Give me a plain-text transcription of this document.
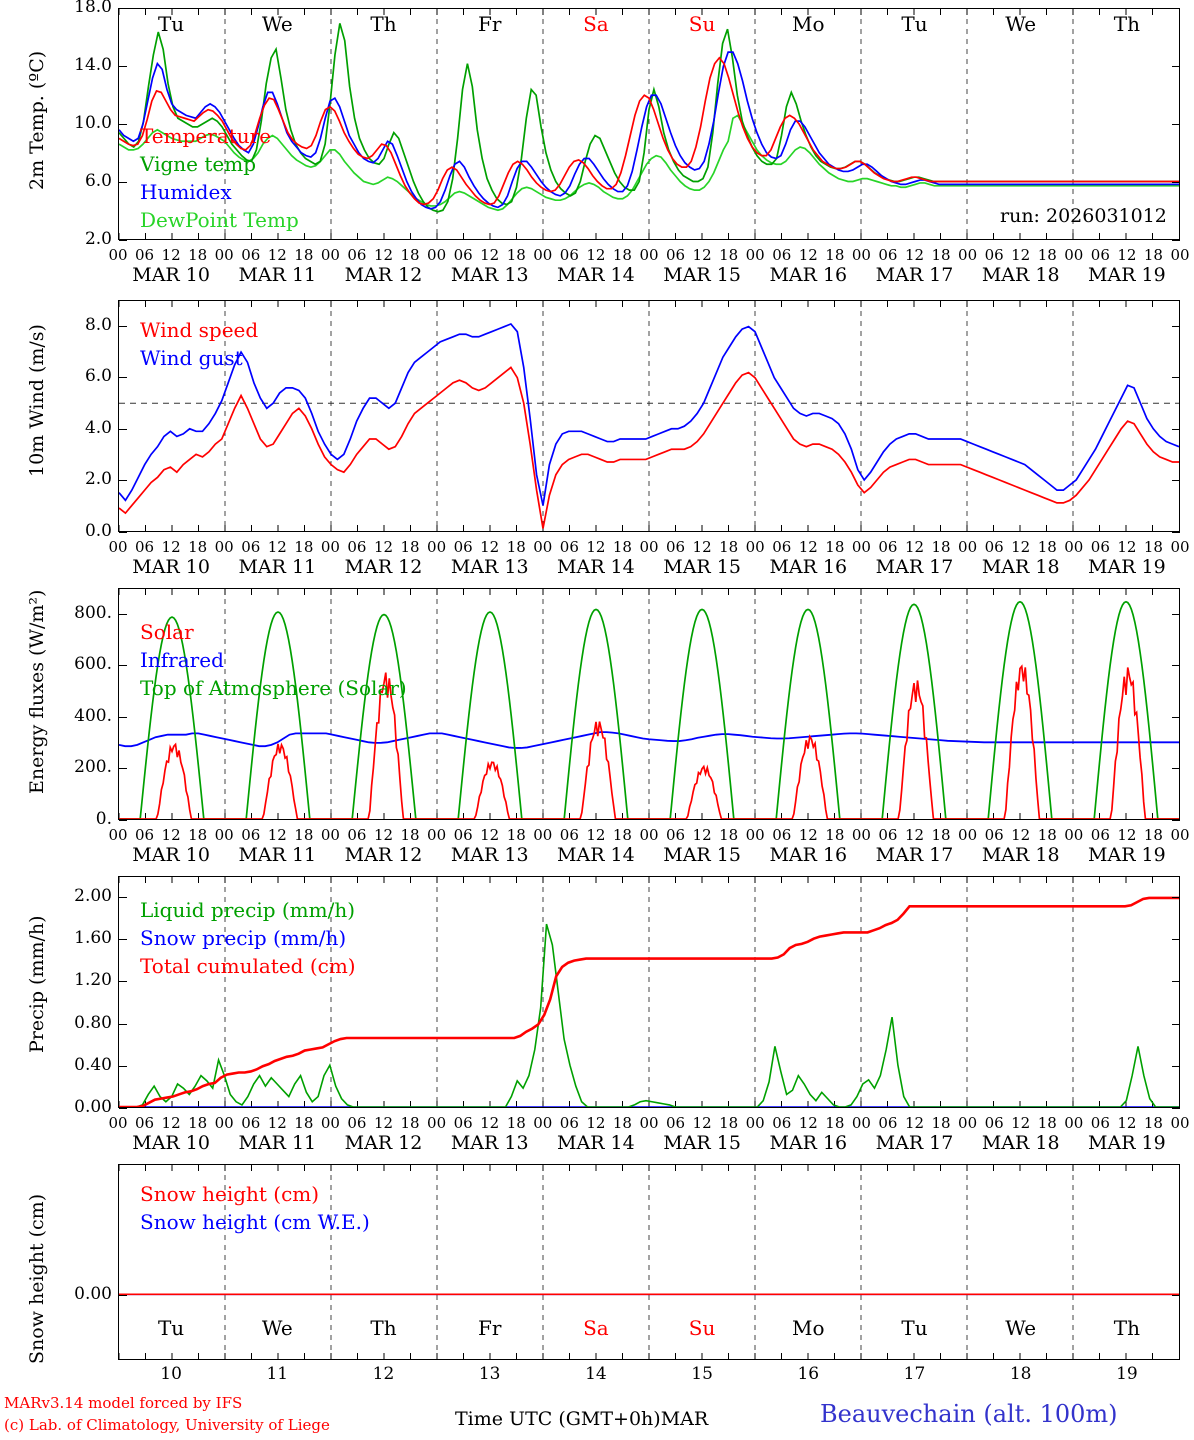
2m Temp. (ºC)
2.0
6.0
10.0
14.0
18.0
Tu	We	Th	Fr	Sa	Su	Mo	Tu	We	Th
run: 2026031012
Temperature
Vigne temp
Humidex
DewPoint Temp
00 06 12 18 00 06 12 18 00 06 12 18 00 06 12 18 00 06 12 18 00 06 12 18 00 06 12 18 00 06 12 18 00 06 12 18 00 06 12 18 00
MAR 10	MAR 11	MAR 12	MAR 13	MAR 14	MAR 15	MAR 16	MAR 17	MAR 18	MAR 19
10m Wind (m/s)
0.0
2.0
4.0
6.0
8.0 Wind speed
Wind gust
00 06 12 18 00 06 12 18 00 06 12 18 00 06 12 18 00 06 12 18 00 06 12 18 00 06 12 18 00 06 12 18 00 06 12 18 00 06 12 18 00
MAR 10	MAR 11	MAR 12	MAR 13	MAR 14	MAR 15	MAR 16	MAR 17	MAR 18	MAR 19
Energy fluxes (W/m²)
0.
200.
400.
600.
800.
Solar
Infrared
Top of Atmosphere (Solar)
00 06 12 18 00 06 12 18 00 06 12 18 00 06 12 18 00 06 12 18 00 06 12 18 00 06 12 18 00 06 12 18 00 06 12 18 00 06 12 18 00
MAR 10	MAR 11	MAR 12	MAR 13	MAR 14	MAR 15	MAR 16	MAR 17	MAR 18	MAR 19
Precip (mm/h)
0.00
0.40
0.80
1.20
1.60
2.00
Liquid precip (mm/h)
Snow precip (mm/h)
Total cumulated (cm)
00 06 12 18 00 06 12 18 00 06 12 18 00 06 12 18 00 06 12 18 00 06 12 18 00 06 12 18 00 06 12 18 00 06 12 18 00 06 12 18 00
MAR 10	MAR 11	MAR 12	MAR 13	MAR 14	MAR 15	MAR 16	MAR 17	MAR 18	MAR 19
Snow height (cm)	0.00
Snow height (cm)
Snow height (cm W.E.)
Tu	We	Th	Fr	Sa	Su	Mo	Tu	We	Th
10	11	12	13	14	15	16	17	18	19
MARv3.14 model forced by IFS
(c) Lab. of Climatology, University of Liege	Time UTC (GMT+0h)MAR	Beauvechain (alt. 100m)
